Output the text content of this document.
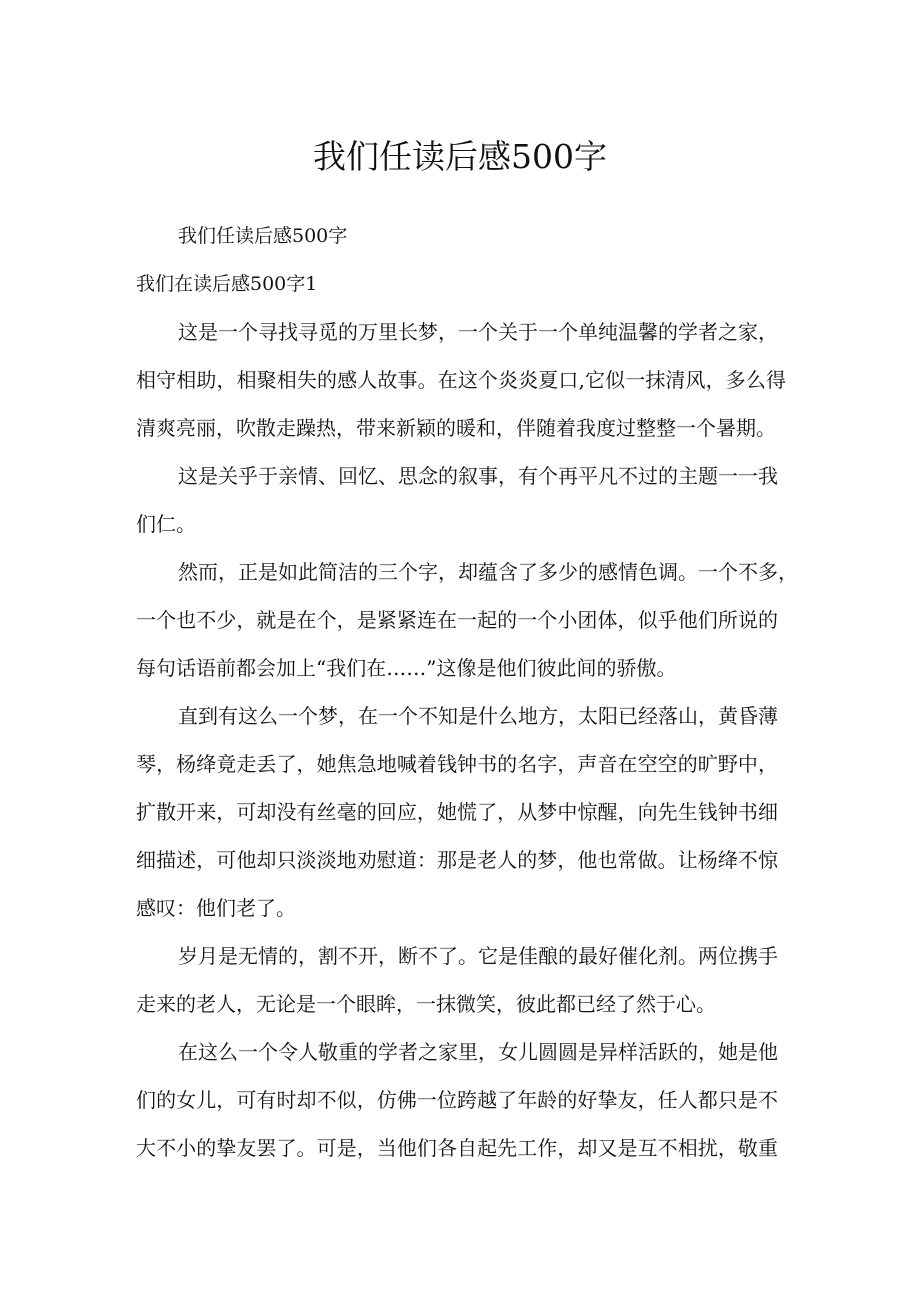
我们任读后感500字

我们任读后感500字

我们在读后感500字1

这是一个寻找寻觅的万里长梦，一个关于一个单纯温馨的学者之家，

相守相助，相聚相失的感人故事。在这个炎炎夏口,它似一抹清风，多么得

清爽亮丽，吹散走躁热，带来新颖的暖和，伴随着我度过整整一个暑期。

这是关乎于亲情、回忆、思念的叙事，有个再平凡不过的主题一一我

们仁。

然而，正是如此简洁的三个字，却蕴含了多少的感情色调。一个不多，

一个也不少，就是在个，是紧紧连在一起的一个小团体，似乎他们所说的

每句话语前都会加上“我们在……”这像是他们彼此间的骄傲。

直到有这么一个梦，在一个不知是什么地方，太阳已经落山，黄昏薄

琴，杨绛竟走丢了，她焦急地喊着钱钟书的名字，声音在空空的旷野中，

扩散开来，可却没有丝毫的回应，她慌了，从梦中惊醒，向先生钱钟书细

细描述，可他却只淡淡地劝慰道：那是老人的梦，他也常做。让杨绛不惊

感叹：他们老了。

岁月是无情的，割不开，断不了。它是佳酿的最好催化剂。两位携手

走来的老人，无论是一个眼眸，一抹微笑，彼此都已经了然于心。

在这么一个令人敬重的学者之家里，女儿圆圆是异样活跃的，她是他

们的女儿，可有时却不似，仿佛一位跨越了年龄的好挚友，任人都只是不

大不小的挚友罢了。可是，当他们各自起先工作，却又是互不相扰，敬重
